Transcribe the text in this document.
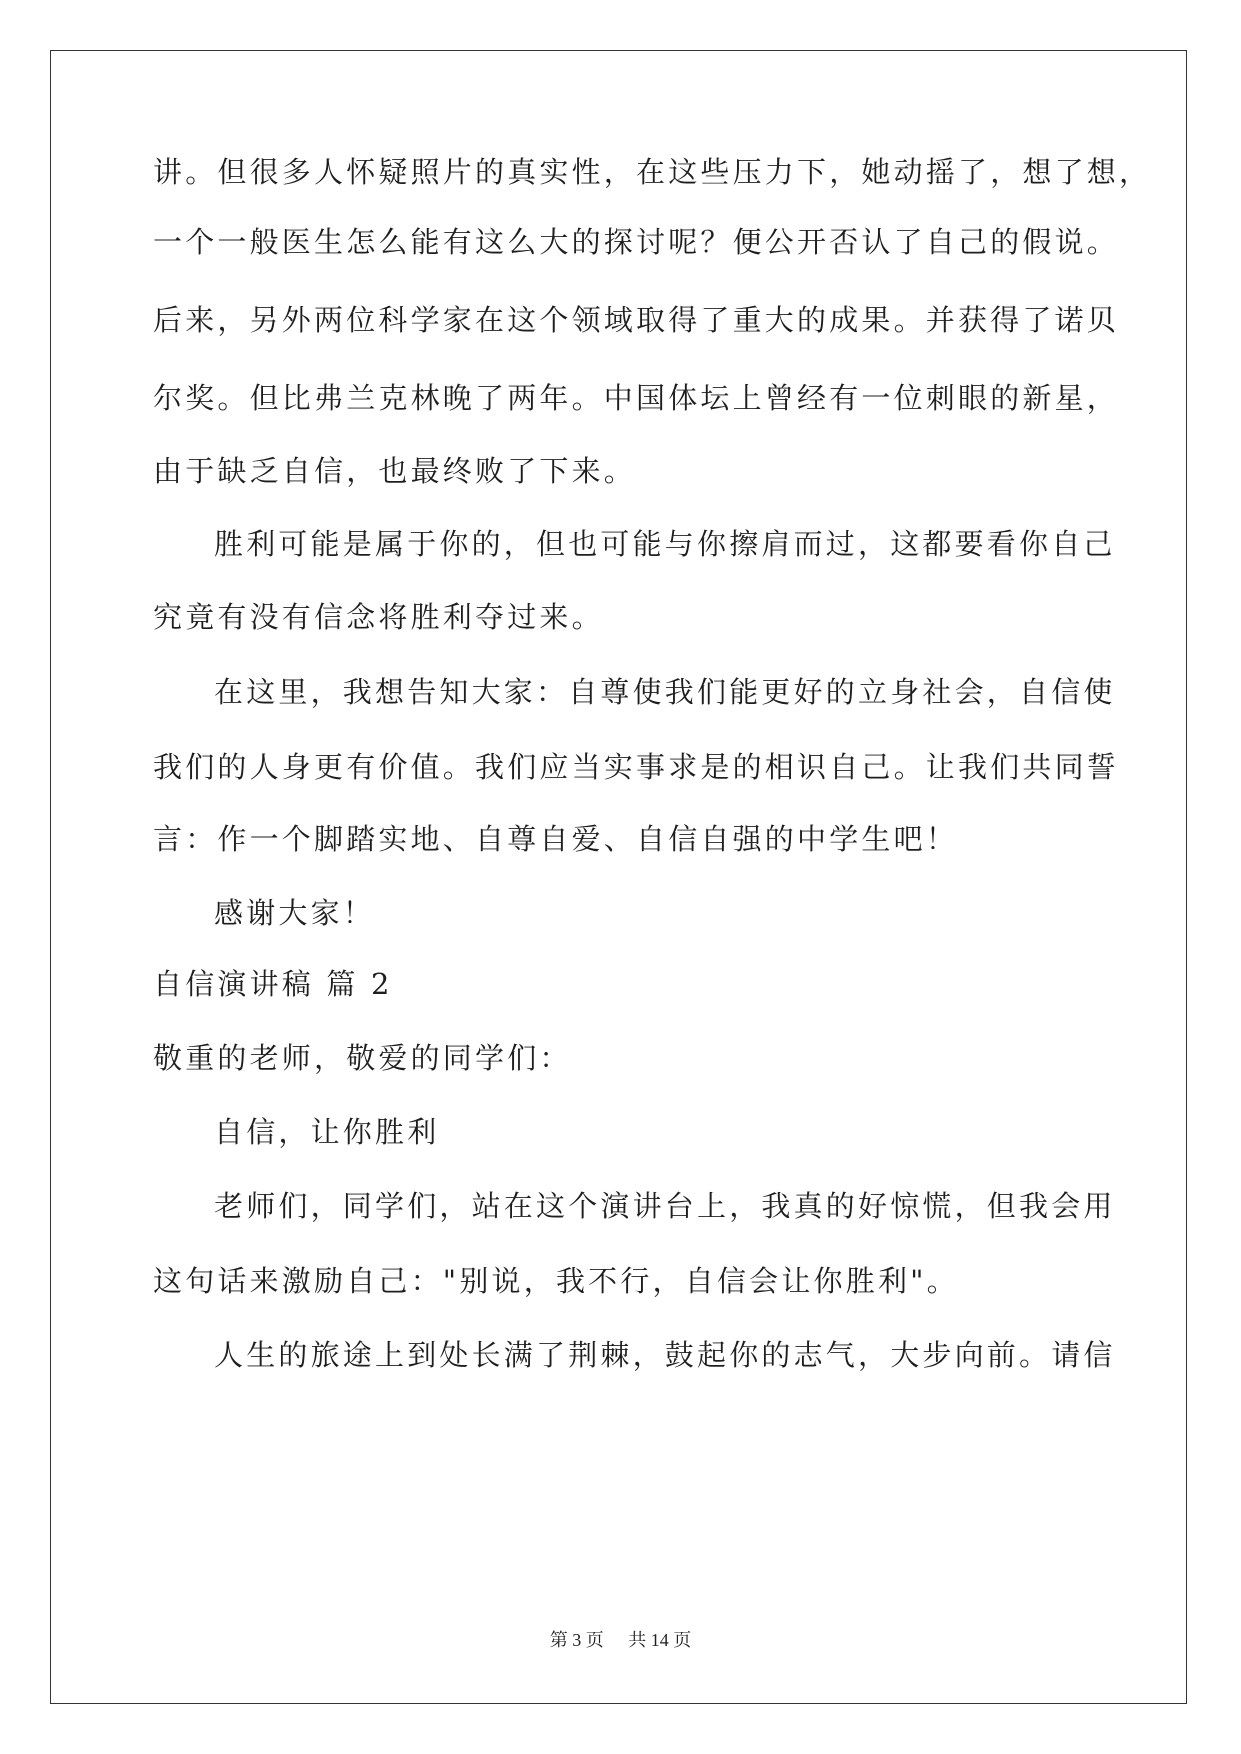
讲。但很多人怀疑照片的真实性，在这些压力下，她动摇了，想了想，
一个一般医生怎么能有这么大的探讨呢？便公开否认了自己的假说。
后来，另外两位科学家在这个领域取得了重大的成果。并获得了诺贝
尔奖。但比弗兰克林晚了两年。中国体坛上曾经有一位刺眼的新星，
由于缺乏自信，也最终败了下来。
胜利可能是属于你的，但也可能与你擦肩而过，这都要看你自己
究竟有没有信念将胜利夺过来。
在这里，我想告知大家：自尊使我们能更好的立身社会，自信使
我们的人身更有价值。我们应当实事求是的相识自己。让我们共同誓
言：作一个脚踏实地、自尊自爱、自信自强的中学生吧！
感谢大家！
自信演讲稿 篇 2
敬重的老师，敬爱的同学们：
自信，让你胜利
老师们，同学们，站在这个演讲台上，我真的好惊慌，但我会用
这句话来激励自己："别说，我不行，自信会让你胜利"。
人生的旅途上到处长满了荆棘，鼓起你的志气，大步向前。请信
第 3 页 共 14 页
